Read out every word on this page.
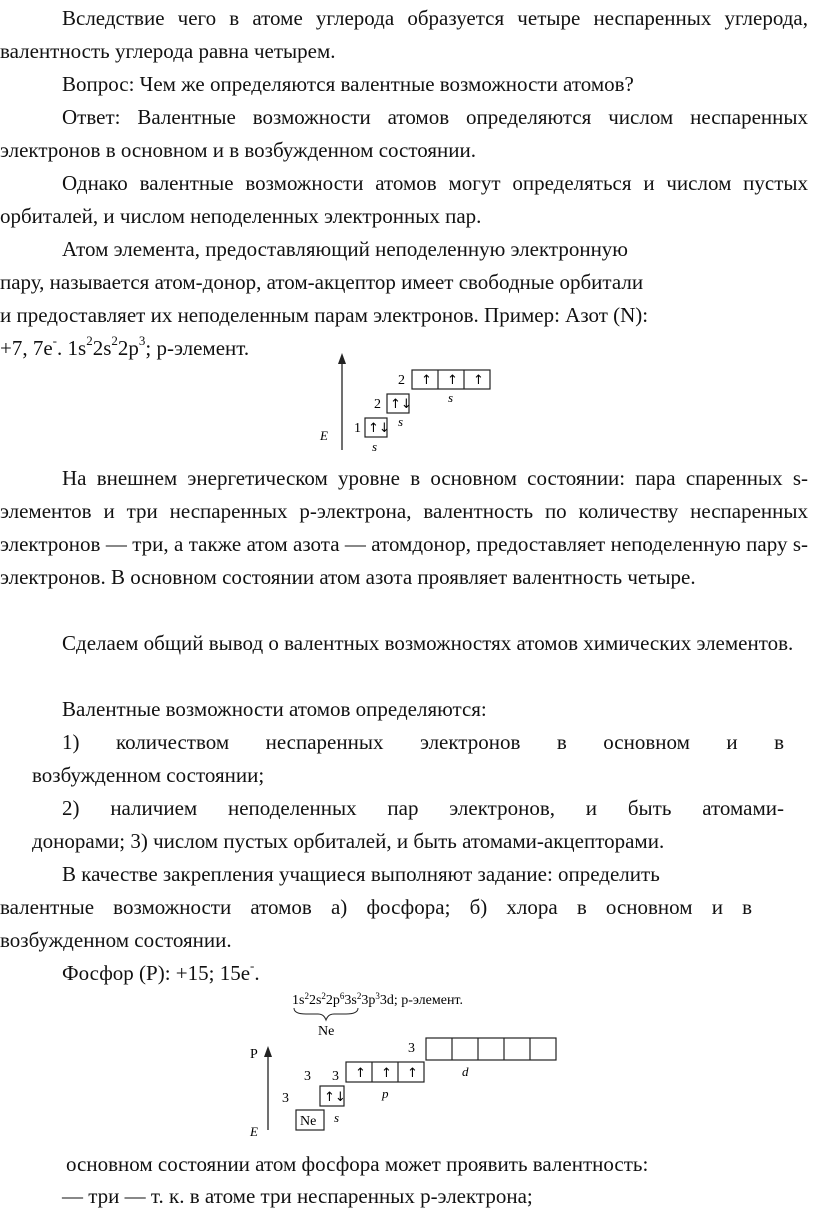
Вследствие чего в атоме углерода образуется четыре неспаренных углерода, валентность углерода равна четырем.

Вопрос: Чем же определяются валентные возможности атомов?

Ответ: Валентные возможности атомов определяются числом неспаренных электронов в основном и в возбужденном состоянии.

Однако валентные возможности атомов могут определяться и числом пустых орбиталей, и числом неподеленных электронных пар.

Атом элемента, предоставляющий неподеленную электронную

пару, называется атом-донор, атом-акцептор имеет свободные орбитали

и предоставляет их неподеленным парам электронов. Пример: Азот (N):

+7, 7е-. $1s^22s^22p^3$; р-элемент.

E 1 ↑↓
s
2 ↑↓
s
2 ↑ ↑ ↑
s

На внешнем энергетическом уровне в основном состоянии: пара спаренных s-элементов и три неспаренных p-электрона, валентность по количеству неспаренных электронов — три, а также атом азота — атомдонор, предоставляет неподеленную пару s-электронов. В основном состоянии атом азота проявляет валентность четыре.

Сделаем общий вывод о валентных возможностях атомов химических элементов.

Валентные возможности атомов определяются:

1) количеством неспаренных электронов в основном и в

возбужденном состоянии;

2) наличием неподеленных пар электронов, и быть атомами-

донорами; 3) числом пустых орбиталей, и быть атомами-акцепторами.

В качестве закрепления учащиеся выполняют задание: определить

валентные возможности атомов а) фосфора; б) хлора в основном и в

возбужденном состоянии.

Фосфор (P): +15; 15е-.

$1s^22s^22p^63s^23p^33d$; p-элемент.
Ne
P
E
3
Ne
3
↑↓
s
3 ↑ ↑ ↑
p
3
d

основном состоянии атом фосфора может проявить валентность:

— три — т. к. в атоме три неспаренных p-электрона;
